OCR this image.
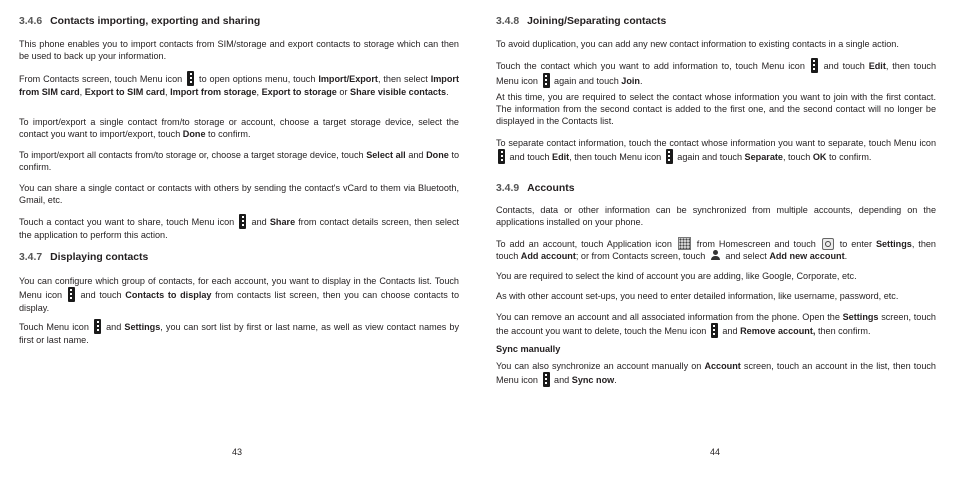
3.4.6 Contacts importing, exporting and sharing

This phone enables you to import contacts from SIM/storage and export contacts to storage which can then be used to back up your information.

From Contacts screen, touch Menu icon to open options menu, touch Import/Export, then select Import from SIM card, Export to SIM card, Import from storage, Export to storage or Share visible contacts.

To import/export a single contact from/to storage or account, choose a target storage device, select the contact you want to import/export, touch Done to confirm.

To import/export all contacts from/to storage or, choose a target storage device, touch Select all and Done to confirm.

You can share a single contact or contacts with others by sending the contact's vCard to them via Bluetooth, Gmail, etc.

Touch a contact you want to share, touch Menu icon and Share from contact details screen, then select the application to perform this action.

3.4.7 Displaying contacts

You can configure which group of contacts, for each account, you want to display in the Contacts list. Touch Menu icon and touch Contacts to display from contacts list screen, then you can choose contacts to display.

Touch Menu icon and Settings, you can sort list by first or last name, as well as view contact names by first or last name.

43
3.4.8 Joining/Separating contacts

To avoid duplication, you can add any new contact information to existing contacts in a single action.

Touch the contact which you want to add information to, touch Menu icon and touch Edit, then touch Menu icon again and touch Join.

At this time, you are required to select the contact whose information you want to join with the first contact. The information from the second contact is added to the first one, and the second contact will no longer be displayed in the Contacts list.

To separate contact information, touch the contact whose information you want to separate, touch Menu icon  and touch Edit, then touch Menu icon again and touch Separate, touch OK to confirm.

3.4.9 Accounts

Contacts, data or other information can be synchronized from multiple accounts, depending on the applications installed on your phone.

To add an account, touch Application icon	from Homescreen and touch	to enter Settings, then touch Add account; or from Contacts screen, touch and select Add new account.

You are required to select the kind of account you are adding, like Google, Corporate, etc.

As with other account set-ups, you need to enter detailed information, like username, password, etc.

You can remove an account and all associated information from the phone. Open the Settings screen, touch the account you want to delete, touch the Menu icon and Remove account, then confirm.

Sync manually

You can also synchronize an account manually on Account screen, touch an account in the list, then touch Menu icon and Sync now.

44
